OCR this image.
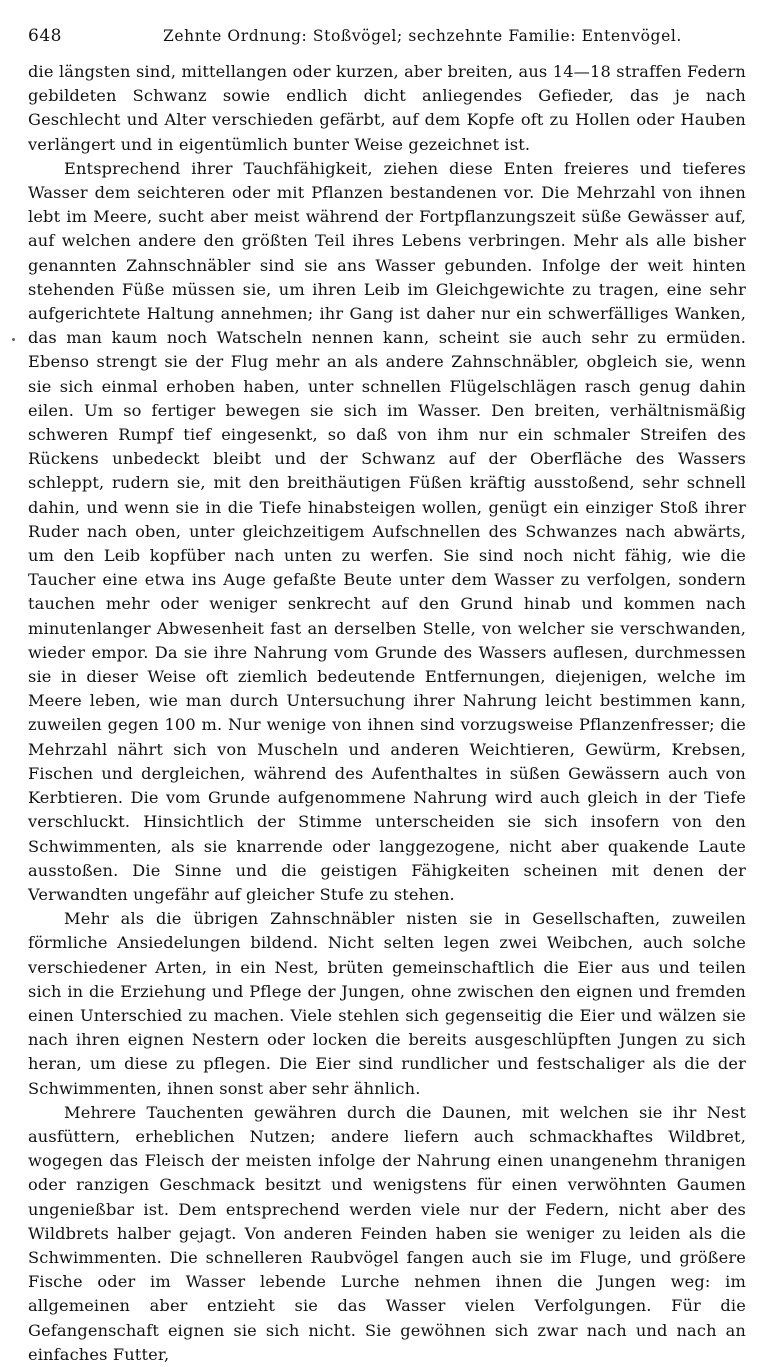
648	Zehnte Ordnung: Stoßvögel; sechzehnte Familie: Entenvögel.

die längsten sind, mittellangen oder kurzen, aber breiten, aus 14—18 straffen Federn gebildeten Schwanz sowie endlich dicht anliegendes Gefieder, das je nach Geschlecht und Alter verschieden gefärbt, auf dem Kopfe oft zu Hollen oder Hauben verlängert und in eigentümlich bunter Weise gezeichnet ist.

Entsprechend ihrer Tauchfähigkeit, ziehen diese Enten freieres und tieferes Wasser dem seichteren oder mit Pflanzen bestandenen vor. Die Mehrzahl von ihnen lebt im Meere, sucht aber meist während der Fortpflanzungszeit süße Gewässer auf, auf welchen andere den größten Teil ihres Lebens verbringen. Mehr als alle bisher genannten Zahnschnäbler sind sie ans Wasser gebunden. Infolge der weit hinten stehenden Füße müssen sie, um ihren Leib im Gleichgewichte zu tragen, eine sehr aufgerichtete Haltung annehmen; ihr Gang ist daher nur ein schwerfälliges Wanken, das man kaum noch Watscheln nennen kann, scheint sie auch sehr zu ermüden. Ebenso strengt sie der Flug mehr an als andere Zahnschnäbler, obgleich sie, wenn sie sich einmal erhoben haben, unter schnellen Flügelschlägen rasch genug dahin eilen. Um so fertiger bewegen sie sich im Wasser. Den breiten, verhältnismäßig schweren Rumpf tief eingesenkt, so daß von ihm nur ein schmaler Streifen des Rückens unbedeckt bleibt und der Schwanz auf der Oberfläche des Wassers schleppt, rudern sie, mit den breithäutigen Füßen kräftig ausstoßend, sehr schnell dahin, und wenn sie in die Tiefe hinabsteigen wollen, genügt ein einziger Stoß ihrer Ruder nach oben, unter gleichzeitigem Aufschnellen des Schwanzes nach abwärts, um den Leib kopfüber nach unten zu werfen. Sie sind noch nicht fähig, wie die Taucher eine etwa ins Auge gefaßte Beute unter dem Wasser zu verfolgen, sondern tauchen mehr oder weniger senkrecht auf den Grund hinab und kommen nach minutenlanger Abwesenheit fast an derselben Stelle, von welcher sie verschwanden, wieder empor. Da sie ihre Nahrung vom Grunde des Wassers auflesen, durchmessen sie in dieser Weise oft ziemlich bedeutende Entfernungen, diejenigen, welche im Meere leben, wie man durch Untersuchung ihrer Nahrung leicht bestimmen kann, zuweilen gegen 100 m. Nur wenige von ihnen sind vorzugsweise Pflanzenfresser; die Mehrzahl nährt sich von Muscheln und anderen Weichtieren, Gewürm, Krebsen, Fischen und dergleichen, während des Aufenthaltes in süßen Gewässern auch von Kerbtieren. Die vom Grunde aufgenommene Nahrung wird auch gleich in der Tiefe verschluckt. Hinsichtlich der Stimme unterscheiden sie sich insofern von den Schwimmenten, als sie knarrende oder langgezogene, nicht aber quakende Laute ausstoßen. Die Sinne und die geistigen Fähigkeiten scheinen mit denen der Verwandten ungefähr auf gleicher Stufe zu stehen.

Mehr als die übrigen Zahnschnäbler nisten sie in Gesellschaften, zuweilen förmliche Ansiedelungen bildend. Nicht selten legen zwei Weibchen, auch solche verschiedener Arten, in ein Nest, brüten gemeinschaftlich die Eier aus und teilen sich in die Erziehung und Pflege der Jungen, ohne zwischen den eignen und fremden einen Unterschied zu machen. Viele stehlen sich gegenseitig die Eier und wälzen sie nach ihren eignen Nestern oder locken die bereits ausgeschlüpften Jungen zu sich heran, um diese zu pflegen. Die Eier sind rundlicher und festschaliger als die der Schwimmenten, ihnen sonst aber sehr ähnlich.

Mehrere Tauchenten gewähren durch die Daunen, mit welchen sie ihr Nest ausfüttern, erheblichen Nutzen; andere liefern auch schmackhaftes Wildbret, wogegen das Fleisch der meisten infolge der Nahrung einen unangenehm thranigen oder ranzigen Geschmack besitzt und wenigstens für einen verwöhnten Gaumen ungenießbar ist. Dem entsprechend werden viele nur der Federn, nicht aber des Wildbrets halber gejagt. Von anderen Feinden haben sie weniger zu leiden als die Schwimmenten. Die schnelleren Raubvögel fangen auch sie im Fluge, und größere Fische oder im Wasser lebende Lurche nehmen ihnen die Jungen weg: im allgemeinen aber entzieht sie das Wasser vielen Verfolgungen. Für die Gefangenschaft eignen sie sich nicht. Sie gewöhnen sich zwar nach und nach an einfaches Futter,
